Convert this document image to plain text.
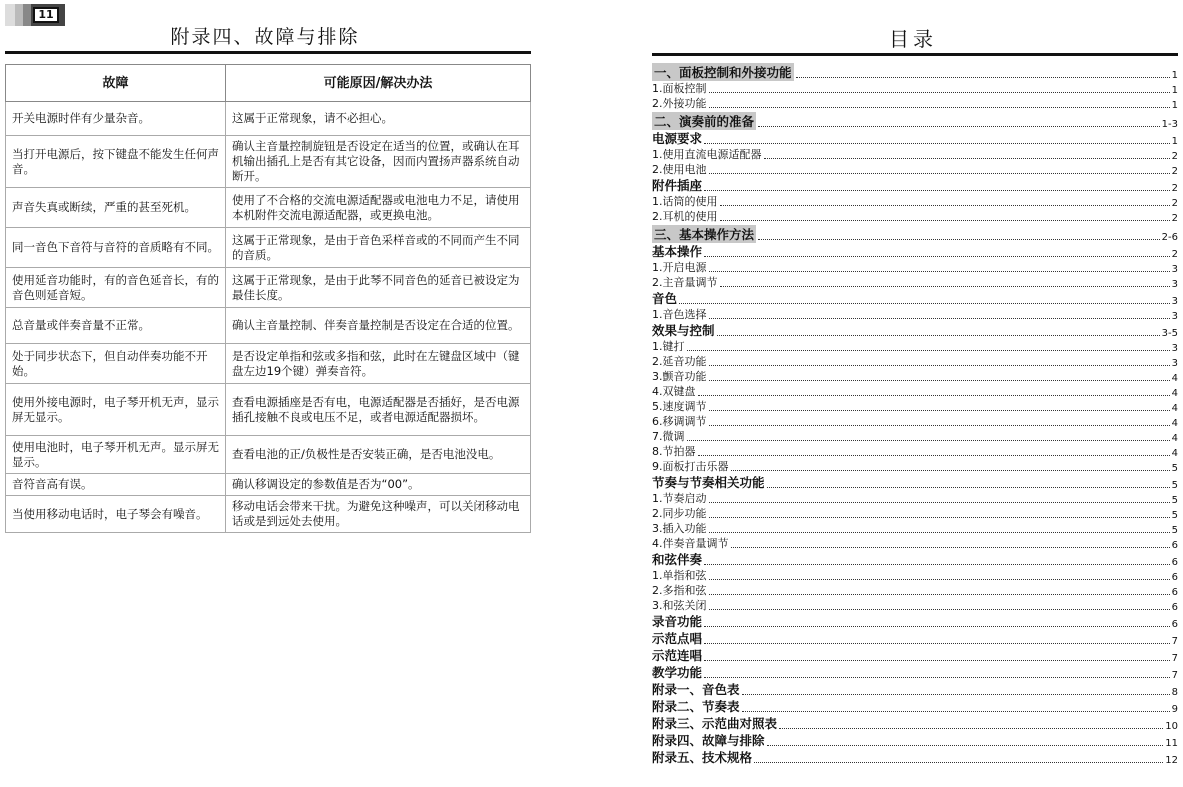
11
附录四、故障与排除
故障	可能原因/解决办法
开关电源时伴有少量杂音。	这属于正常现象，请不必担心。
当打开电源后，按下键盘不能发生任何声音。	确认主音量控制旋钮是否设定在适当的位置，或确认在耳机输出插孔上是否有其它设备，因而内置扬声器系统自动断开。
声音失真或断续，严重的甚至死机。	使用了不合格的交流电源适配器或电池电力不足，请使用本机附件交流电源适配器，或更换电池。
同一音色下音符与音符的音质略有不同。	这属于正常现象，是由于音色采样音或的不同而产生不同的音质。
使用延音功能时，有的音色延音长，有的音色则延音短。	这属于正常现象，是由于此琴不同音色的延音已被设定为最佳长度。
总音量或伴奏音量不正常。	确认主音量控制、伴奏音量控制是否设定在合适的位置。
处于同步状态下，但自动伴奏功能不开始。	是否设定单指和弦或多指和弦，此时在左键盘区域中（键盘左边19个键）弹奏音符。
使用外接电源时，电子琴开机无声，显示屏无显示。	查看电源插座是否有电，电源适配器是否插好，是否电源插孔接触不良或电压不足，或者电源适配器损坏。
使用电池时，电子琴开机无声。显示屏无显示。	查看电池的正/负极性是否安装正确，是否电池没电。
音符音高有误。	确认移调设定的参数值是否为“00”。
当使用移动电话时，电子琴会有噪音。	移动电话会带来干扰。为避免这种噪声，可以关闭移动电话或是到远处去使用。
目录
一、面板控制和外接功能	1
1.面板控制	1
2.外接功能	1
二、演奏前的准备	1-3
电源要求	1
1.使用直流电源适配器	2
2.使用电池	2
附件插座	2
1.话筒的使用	2
2.耳机的使用	2
三、基本操作方法	2-6
基本操作	2
1.开启电源	3
2.主音量调节	3
音色	3
1.音色选择	3
效果与控制	3-5
1.键打	3
2.延音功能	3
3.颤音功能	4
4.双键盘	4
5.速度调节	4
6.移调调节	4
7.微调	4
8.节拍器	4
9.面板打击乐器	5
节奏与节奏相关功能	5
1.节奏启动	5
2.同步功能	5
3.插入功能	5
4.伴奏音量调节	6
和弦伴奏	6
1.单指和弦	6
2.多指和弦	6
3.和弦关闭	6
录音功能	6
示范点唱	7
示范连唱	7
教学功能	7
附录一、音色表	8
附录二、节奏表	9
附录三、示范曲对照表	10
附录四、故障与排除	11
附录五、技术规格	12
